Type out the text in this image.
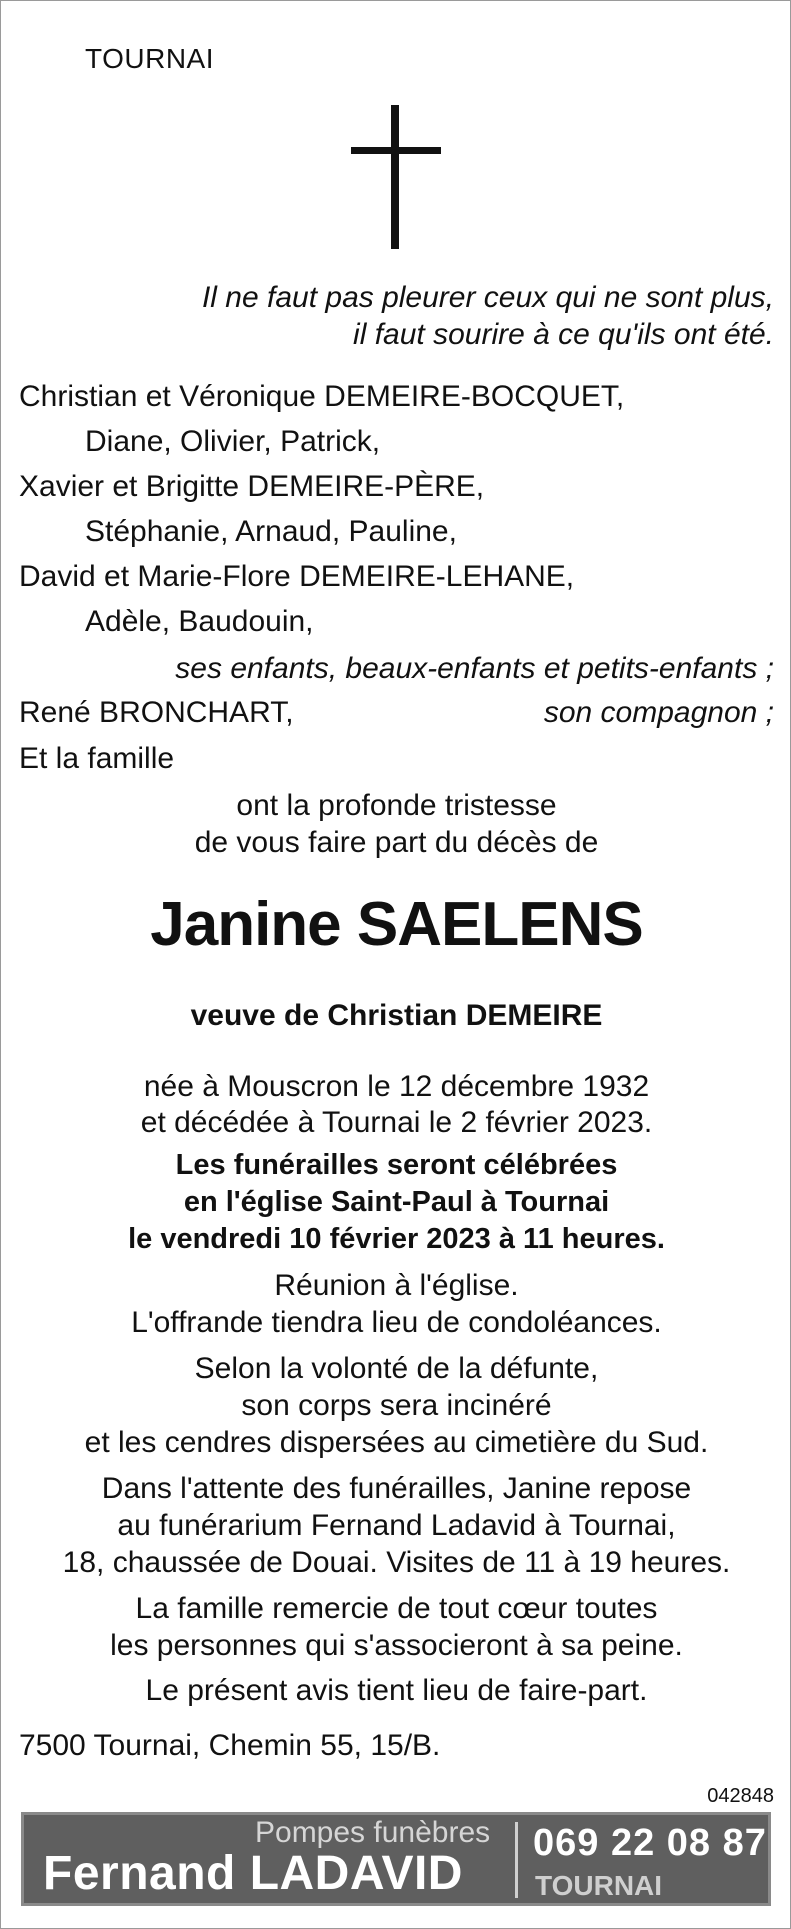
TOURNAI
Il ne faut pas pleurer ceux qui ne sont plus,
il faut sourire à ce qu'ils ont été.
Christian et Véronique DEMEIRE-BOCQUET,
Diane, Olivier, Patrick,
Xavier et Brigitte DEMEIRE-PÈRE,
Stéphanie, Arnaud, Pauline,
David et Marie-Flore DEMEIRE-LEHANE,
Adèle, Baudouin,
ses enfants, beaux-enfants et petits-enfants ;
René BRONCHART,	son compagnon ;
Et la famille
ont la profonde tristesse
de vous faire part du décès de
Janine SAELENS
veuve de Christian DEMEIRE
née à Mouscron le 12 décembre 1932
et décédée à Tournai le 2 février 2023.
Les funérailles seront célébrées
en l'église Saint-Paul à Tournai
le vendredi 10 février 2023 à 11 heures.
Réunion à l'église.
L'offrande tiendra lieu de condoléances.
Selon la volonté de la défunte,
son corps sera incinéré
et les cendres dispersées au cimetière du Sud.
Dans l'attente des funérailles, Janine repose
au funérarium Fernand Ladavid à Tournai,
18, chaussée de Douai. Visites de 11 à 19 heures.
La famille remercie de tout cœur toutes
les personnes qui s'associeront à sa peine.
Le présent avis tient lieu de faire-part.
7500 Tournai, Chemin 55, 15/B.
042848
Pompes funèbres
Fernand LADAVID
069 22 08 87
TOURNAI
